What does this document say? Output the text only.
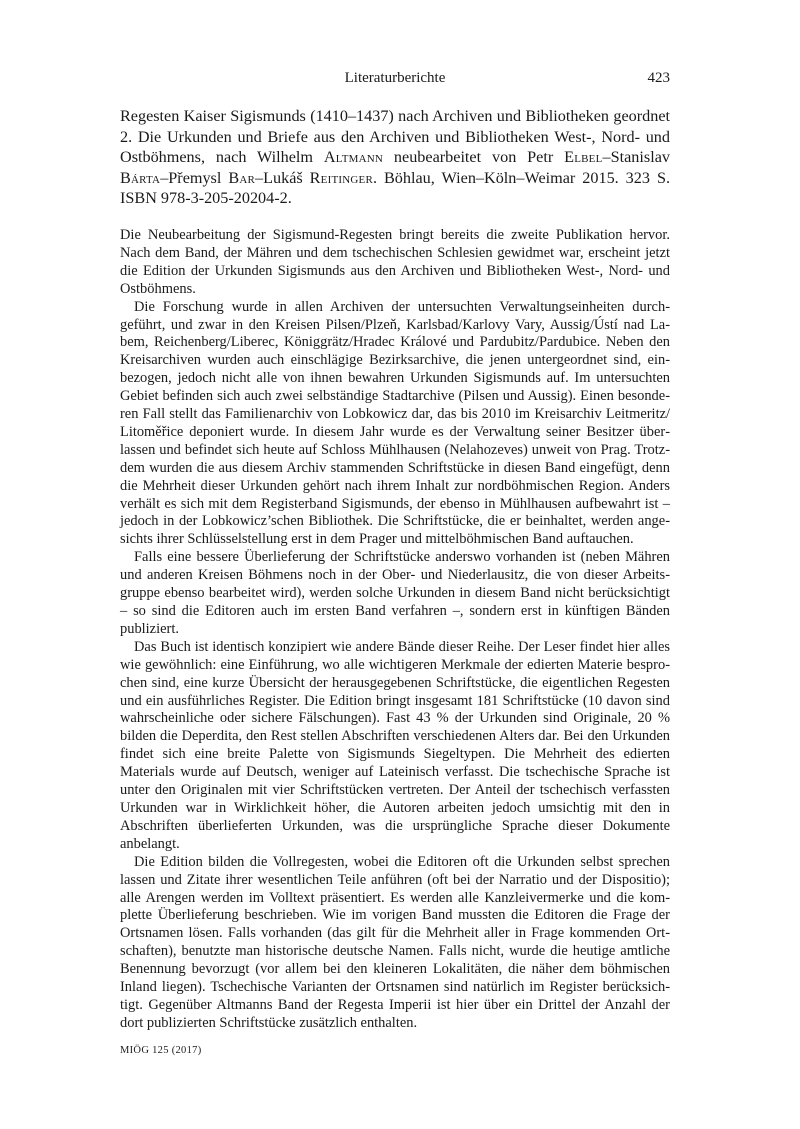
Literaturberichte	423

Regesten Kaiser Sigismunds (1410–1437) nach Archiven und Bibliotheken geordnet 2. Die Urkunden und Briefe aus den Archiven und Bibliotheken West-, Nord- und Ostböhmens, nach Wilhelm Altmann neubearbeitet von Petr Elbel–Stanislav Bárta–Přemysl Bar–Lukáš Reitinger. Böhlau, Wien–Köln–Weimar 2015. 323 S. ISBN 978-3-205-20204-2.

Die Neubearbeitung der Sigismund-Regesten bringt bereits die zweite Publikation hervor. Nach dem Band, der Mähren und dem tschechischen Schlesien gewidmet war, erscheint jetzt die Edition der Urkunden Sigismunds aus den Archiven und Bibliotheken West-, Nord- und Ostböhmens.

Die Forschung wurde in allen Archiven der untersuchten Verwaltungseinheiten durchgeführt, und zwar in den Kreisen Pilsen/Plzeň, Karlsbad/Karlovy Vary, Aussig/Ústí nad Labem, Reichenberg/Liberec, Königgrätz/Hradec Králové und Pardubitz/Pardubice. Neben den Kreisarchiven wurden auch einschlägige Bezirksarchive, die jenen untergeordnet sind, einbezogen, jedoch nicht alle von ihnen bewahren Urkunden Sigismunds auf. Im untersuchten Gebiet befinden sich auch zwei selbständige Stadtarchive (Pilsen und Aussig). Einen besonderen Fall stellt das Familienarchiv von Lobkowicz dar, das bis 2010 im Kreisarchiv Leitmeritz/​Litoměřice deponiert wurde. In diesem Jahr wurde es der Verwaltung seiner Besitzer überlassen und befindet sich heute auf Schloss Mühlhausen (Nelahozeves) unweit von Prag. Trotzdem wurden die aus diesem Archiv stammenden Schriftstücke in diesen Band eingefügt, denn die Mehrheit dieser Urkunden gehört nach ihrem Inhalt zur nordböhmischen Region. Anders verhält es sich mit dem Registerband Sigismunds, der ebenso in Mühlhausen aufbewahrt ist – jedoch in der Lobkowicz’schen Bibliothek. Die Schriftstücke, die er beinhaltet, werden angesichts ihrer Schlüsselstellung erst in dem Prager und mittelböhmischen Band auftauchen.

Falls eine bessere Überlieferung der Schriftstücke anderswo vorhanden ist (neben Mähren und anderen Kreisen Böhmens noch in der Ober- und Niederlausitz, die von dieser Arbeitsgruppe ebenso bearbeitet wird), werden solche Urkunden in diesem Band nicht berücksichtigt – so sind die Editoren auch im ersten Band verfahren –, sondern erst in künftigen Bänden publiziert.

Das Buch ist identisch konzipiert wie andere Bände dieser Reihe. Der Leser findet hier alles wie gewöhnlich: eine Einführung, wo alle wichtigeren Merkmale der edierten Materie besprochen sind, eine kurze Übersicht der herausgegebenen Schriftstücke, die eigentlichen Regesten und ein ausführliches Register. Die Edition bringt insgesamt 181 Schriftstücke (10 davon sind wahrscheinliche oder sichere Fälschungen). Fast 43 % der Urkunden sind Originale, 20 % bilden die Deperdita, den Rest stellen Abschriften verschiedenen Alters dar. Bei den Urkunden findet sich eine breite Palette von Sigismunds Siegeltypen. Die Mehrheit des edierten Materials wurde auf Deutsch, weniger auf Lateinisch verfasst. Die tschechische Sprache ist unter den Originalen mit vier Schriftstücken vertreten. Der Anteil der tschechisch verfassten Urkunden war in Wirklichkeit höher, die Autoren arbeiten jedoch umsichtig mit den in Abschriften überlieferten Urkunden, was die ursprüngliche Sprache dieser Dokumente anbelangt.

Die Edition bilden die Vollregesten, wobei die Editoren oft die Urkunden selbst sprechen lassen und Zitate ihrer wesentlichen Teile anführen (oft bei der Narratio und der Dispositio); alle Arengen werden im Volltext präsentiert. Es werden alle Kanzleivermerke und die komplette Überlieferung beschrieben. Wie im vorigen Band mussten die Editoren die Frage der Ortsnamen lösen. Falls vorhanden (das gilt für die Mehrheit aller in Frage kommenden Ortschaften), benutzte man historische deutsche Namen. Falls nicht, wurde die heutige amtliche Benennung bevorzugt (vor allem bei den kleineren Lokalitäten, die näher dem böhmischen Inland liegen). Tschechische Varianten der Ortsnamen sind natürlich im Register berücksichtigt. Gegenüber Altmanns Band der Regesta Imperii ist hier über ein Drittel der Anzahl der dort publizierten Schriftstücke zusätzlich enthalten.

MIÖG 125 (2017)
